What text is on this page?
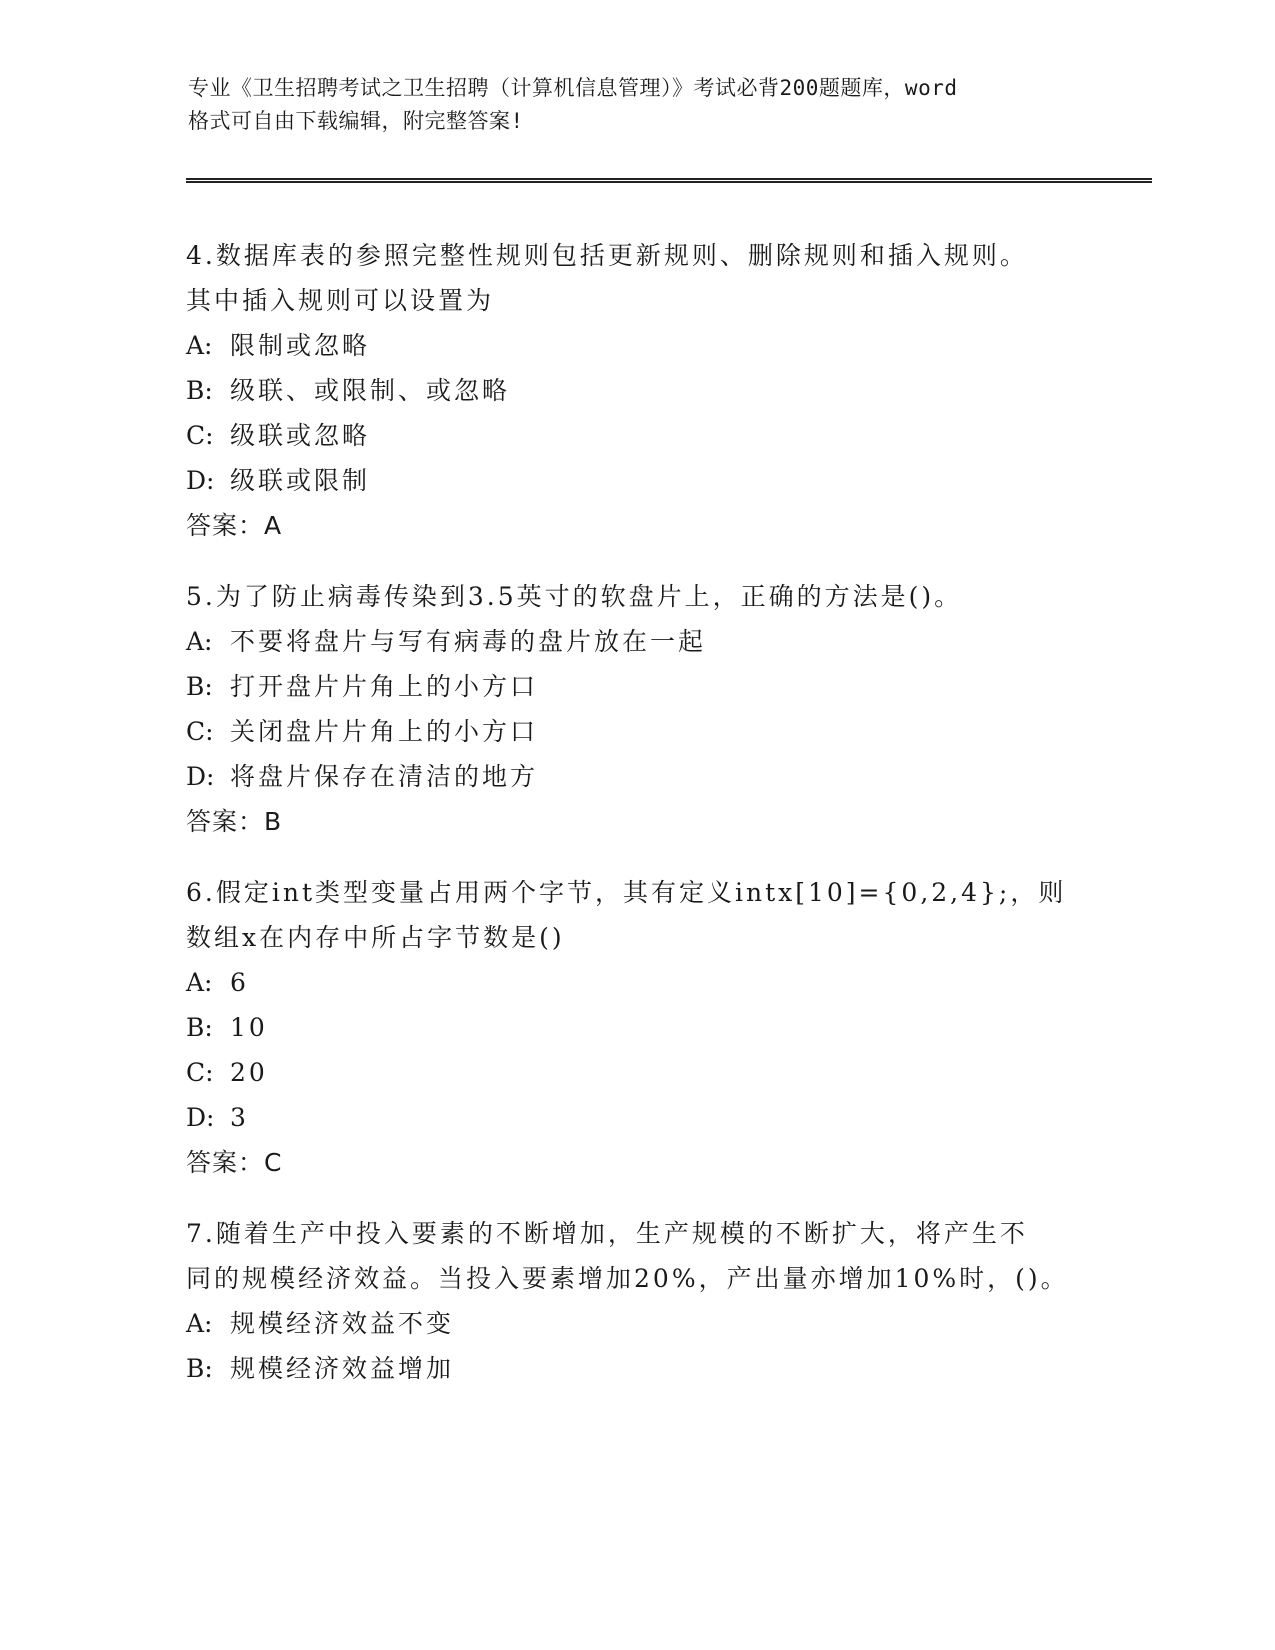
专业《卫生招聘考试之卫生招聘（计算机信息管理）》考试必背200题题库，word
格式可自由下载编辑，附完整答案!
4.数据库表的参照完整性规则包括更新规则、删除规则和插入规则。
其中插入规则可以设置为
A: 限制或忽略
B: 级联、或限制、或忽略
C: 级联或忽略
D: 级联或限制
答案：A
5.为了防止病毒传染到3.5英寸的软盘片上，正确的方法是()。
A: 不要将盘片与写有病毒的盘片放在一起
B: 打开盘片片角上的小方口
C: 关闭盘片片角上的小方口
D: 将盘片保存在清洁的地方
答案：B
6.假定int类型变量占用两个字节，其有定义intx[10]={0,2,4};，则
数组x在内存中所占字节数是()
A: 6
B: 10
C: 20
D: 3
答案：C
7.随着生产中投入要素的不断增加，生产规模的不断扩大，将产生不
同的规模经济效益。当投入要素增加20%，产出量亦增加10%时，()。
A: 规模经济效益不变
B: 规模经济效益增加
